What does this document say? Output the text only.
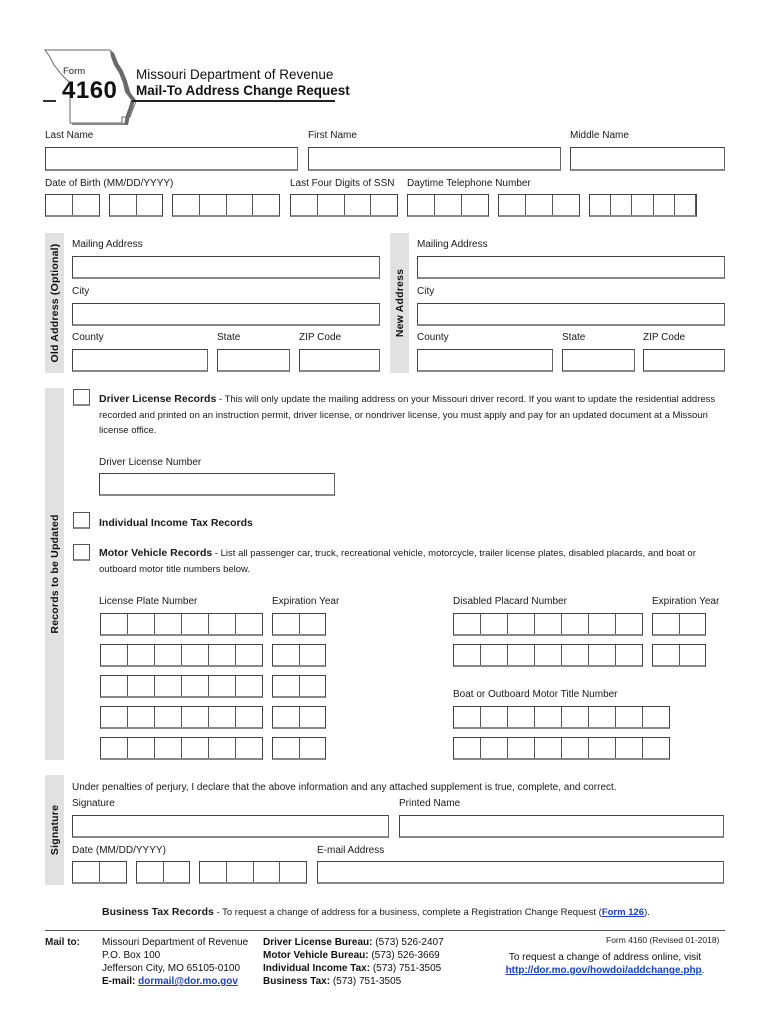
Form
4160
Missouri Department of Revenue
Mail-To Address Change Request
Last Name	First Name	Middle Name
Date of Birth (MM/DD/YYYY)	Last Four Digits of SSN Daytime Telephone Number
Old Address (Optional) Mailing Address
City
County	State	ZIP Code
New Address
Mailing Address
City
County	State	ZIP Code
Records to be Updated
Driver License Records - This will only update the mailing address on your Missouri driver record. If you want to update the residential address recorded and printed on an instruction permit, driver license, or nondriver license, you must apply and pay for an updated document at a Missouri license office.
Driver License Number
Individual Income Tax Records
Motor Vehicle Records - List all passenger car, truck, recreational vehicle, motorcycle, trailer license plates, disabled placards, and boat or outboard motor title numbers below.
License Plate Number	Expiration Year	Disabled Placard Number	Expiration Year
Boat or Outboard Motor Title Number
Signature
Under penalties of perjury, I declare that the above information and any attached supplement is true, complete, and correct.
Signature	Printed Name
Date (MM/DD/YYYY)	E-mail Address
Business Tax Records - To request a change of address for a business, complete a Registration Change Request (Form 126).
Mail to: Missouri Department of Revenue
P.O. Box 100
Jefferson City, MO 65105-0100
E-mail: dormail@dor.mo.gov
Driver License Bureau: (573) 526-2407
Motor Vehicle Bureau: (573) 526-3669
Individual Income Tax: (573) 751-3505
Business Tax: (573) 751-3505
Form 4160 (Revised 01-2018)
To request a change of address online, visit
http://dor.mo.gov/howdoi/addchange.php.
